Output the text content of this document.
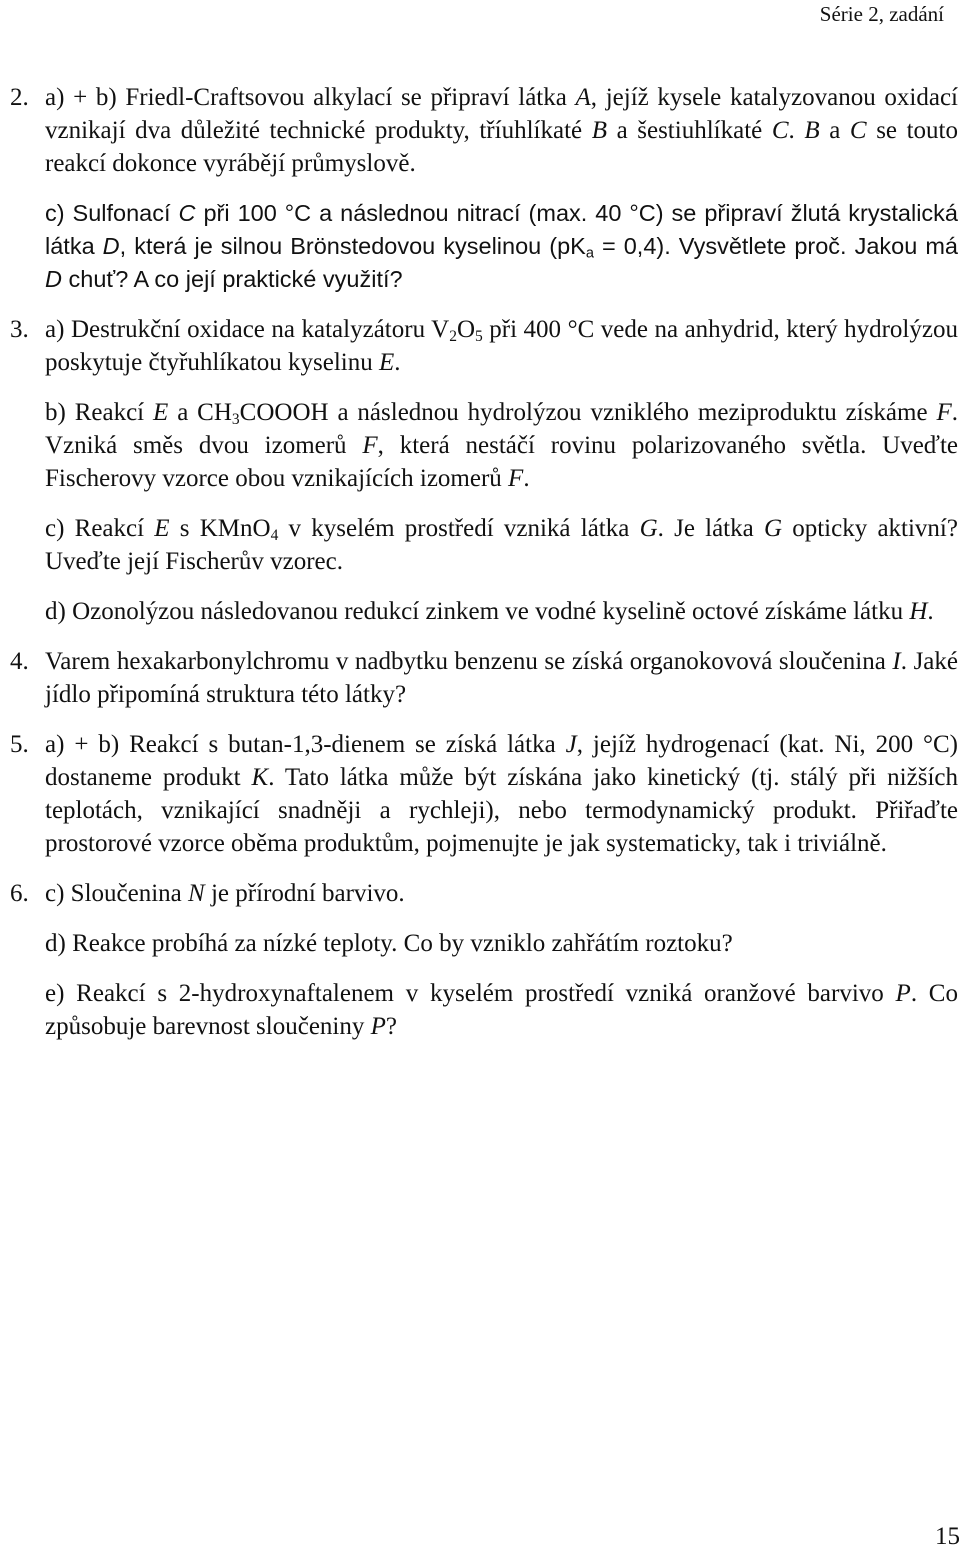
Série 2, zadání
2. a) + b) Friedl-Craftsovou alkylací se připraví látka A, jejíž kysele katalyzovanou oxidací vznikají dva důležité technické produkty, tříuhlíkaté B a šestiuhlíkaté C. B a C se touto reakcí dokonce vyrábějí průmyslově.
c) Sulfonací C při 100 °C a následnou nitrací (max. 40 °C) se připraví žlutá krystalická látka D, která je silnou Brönstedovou kyselinou $(pK_a = 0,4)$. Vysvětlete proč. Jakou má D chuť? A co její praktické využití?
3. a) Destrukční oxidace na katalyzátoru $V_2O_5$ při 400 °C vede na anhydrid, který hydrolýzou poskytuje čtyřuhlíkatou kyselinu E.
b) Reakcí E a $CH_3COOOH$ a následnou hydrolýzou vzniklého meziproduktu získáme F. Vzniká směs dvou izomerů F, která nestáčí rovinu polarizovaného světla. Uveďte Fischerovy vzorce obou vznikajících izomerů F.
c) Reakcí E s KMnO$_4$ v kyselém prostředí vzniká látka G. Je látka G opticky aktivní? Uveďte její Fischerův vzorec.
d) Ozonolýzou následovanou redukcí zinkem ve vodné kyselině octové získáme látku H.
4. Varem hexakarbonylchromu v nadbytku benzenu se získá organokovová sloučenina I. Jaké jídlo připomíná struktura této látky?
5. a) + b) Reakcí s butan-1,3-dienem se získá látka J, jejíž hydrogenací (kat. Ni, 200 °C) dostaneme produkt K. Tato látka může být získána jako kinetický (tj. stálý při nižších teplotách, vznikající snadněji a rychleji), nebo termodynamický produkt. Přiřaďte prostorové vzorce oběma produktům, pojmenujte je jak systematicky, tak i triviálně.
6. c) Sloučenina N je přírodní barvivo.
d) Reakce probíhá za nízké teploty. Co by vzniklo zahřátím roztoku?
e) Reakcí s 2-hydroxynaftalenem v kyselém prostředí vzniká oranžové barvivo P. Co způsobuje barevnost sloučeniny P?
15
